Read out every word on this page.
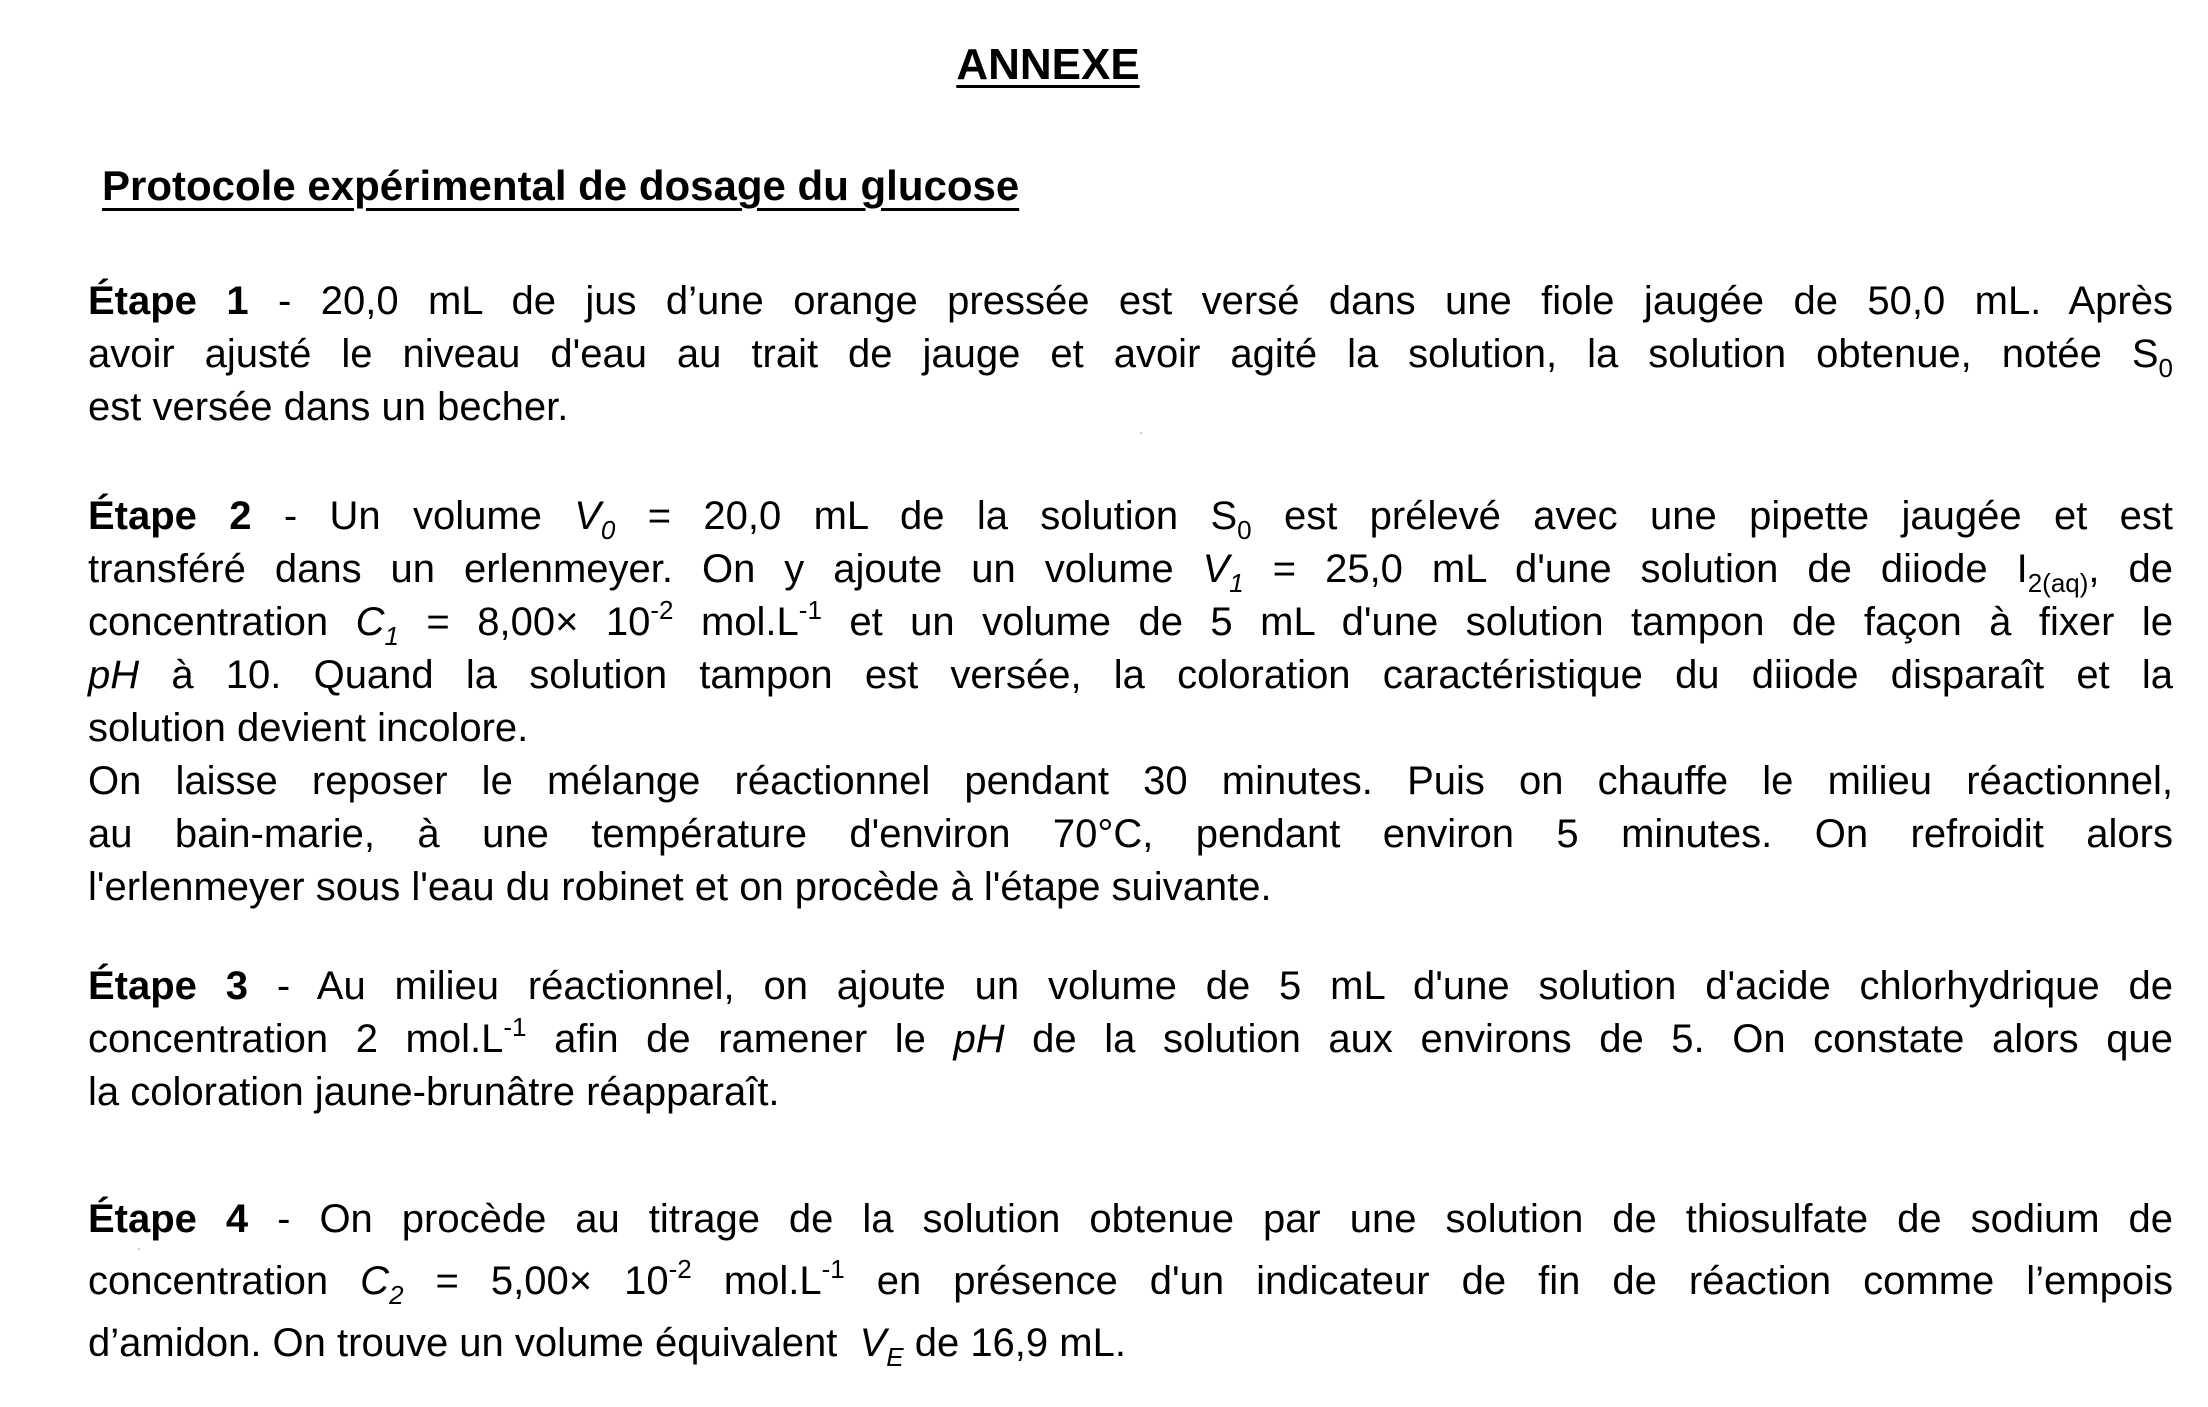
ANNEXE
Protocole expérimental de dosage du glucose
Étape 1 - 20,0 mL de jus d’une orange pressée est versé dans une fiole jaugée de 50,0 mL. Après
avoir ajusté le niveau d'eau au trait de jauge et avoir agité la solution, la solution obtenue, notée $S_0$
est versée dans un becher.
Étape 2 - Un volume $V_0 = 20,0$ mL de la solution $S_0$ est prélevé avec une pipette jaugée et est
transféré dans un erlenmeyer. On y ajoute un volume $V_1 = 25,0$ mL d'une solution de diiode $I_{2(aq)}$, de
concentration $C_1 = 8,00\times 10^{-2}$ $mol.L^{-1}$ et un volume de 5 mL d'une solution tampon de façon à fixer le
pH à 10. Quand la solution tampon est versée, la coloration caractéristique du diiode disparaît et la
solution devient incolore.
On laisse reposer le mélange réactionnel pendant 30 minutes. Puis on chauffe le milieu réactionnel,
au bain-marie, à une température d'environ 70°C, pendant environ 5 minutes. On refroidit alors
l'erlenmeyer sous l'eau du robinet et on procède à l'étape suivante.
Étape 3 - Au milieu réactionnel, on ajoute un volume de 5 mL d'une solution d'acide chlorhydrique de
concentration 2 $mol.L^{-1}$ afin de ramener le pH de la solution aux environs de 5. On constate alors que
la coloration jaune-brunâtre réapparaît.
Étape 4 - On procède au titrage de la solution obtenue par une solution de thiosulfate de sodium de
concentration $C_2 = 5,00\times 10^{-2}$ $mol.L^{-1}$ en présence d'un indicateur de fin de réaction comme l’empois
d’amidon. On trouve un volume équivalent  $V_E$ de 16,9 mL.
